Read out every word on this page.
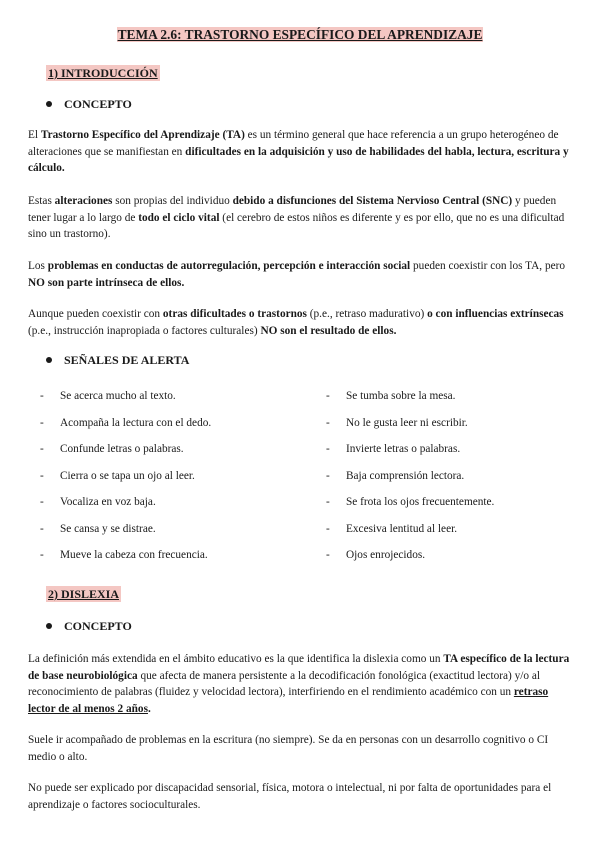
TEMA 2.6: TRASTORNO ESPECÍFICO DEL APRENDIZAJE
1) INTRODUCCIÓN
CONCEPTO
El Trastorno Específico del Aprendizaje (TA) es un término general que hace referencia a un grupo heterogéneo de alteraciones que se manifiestan en dificultades en la adquisición y uso de habilidades del habla, lectura, escritura y cálculo.
Estas alteraciones son propias del individuo debido a disfunciones del Sistema Nervioso Central (SNC) y pueden tener lugar a lo largo de todo el ciclo vital (el cerebro de estos niños es diferente y es por ello, que no es una dificultad sino un trastorno).
Los problemas en conductas de autorregulación, percepción e interacción social pueden coexistir con los TA, pero NO son parte intrínseca de ellos.
Aunque pueden coexistir con otras dificultades o trastornos (p.e., retraso madurativo) o con influencias extrínsecas (p.e., instrucción inapropiada o factores culturales) NO son el resultado de ellos.
SEÑALES DE ALERTA
- Se acerca mucho al texto.
- Acompaña la lectura con el dedo.
- Confunde letras o palabras.
- Cierra o se tapa un ojo al leer.
- Vocaliza en voz baja.
- Se cansa y se distrae.
- Mueve la cabeza con frecuencia.
- Se tumba sobre la mesa.
- No le gusta leer ni escribir.
- Invierte letras o palabras.
- Baja comprensión lectora.
- Se frota los ojos frecuentemente.
- Excesiva lentitud al leer.
- Ojos enrojecidos.
2) DISLEXIA
CONCEPTO
La definición más extendida en el ámbito educativo es la que identifica la dislexia como un TA específico de la lectura de base neurobiológica que afecta de manera persistente a la decodificación fonológica (exactitud lectora) y/o al reconocimiento de palabras (fluidez y velocidad lectora), interfiriendo en el rendimiento académico con un retraso lector de al menos 2 años.
Suele ir acompañado de problemas en la escritura (no siempre). Se da en personas con un desarrollo cognitivo o CI medio o alto.
No puede ser explicado por discapacidad sensorial, física, motora o intelectual, ni por falta de oportunidades para el aprendizaje o factores socioculturales.
